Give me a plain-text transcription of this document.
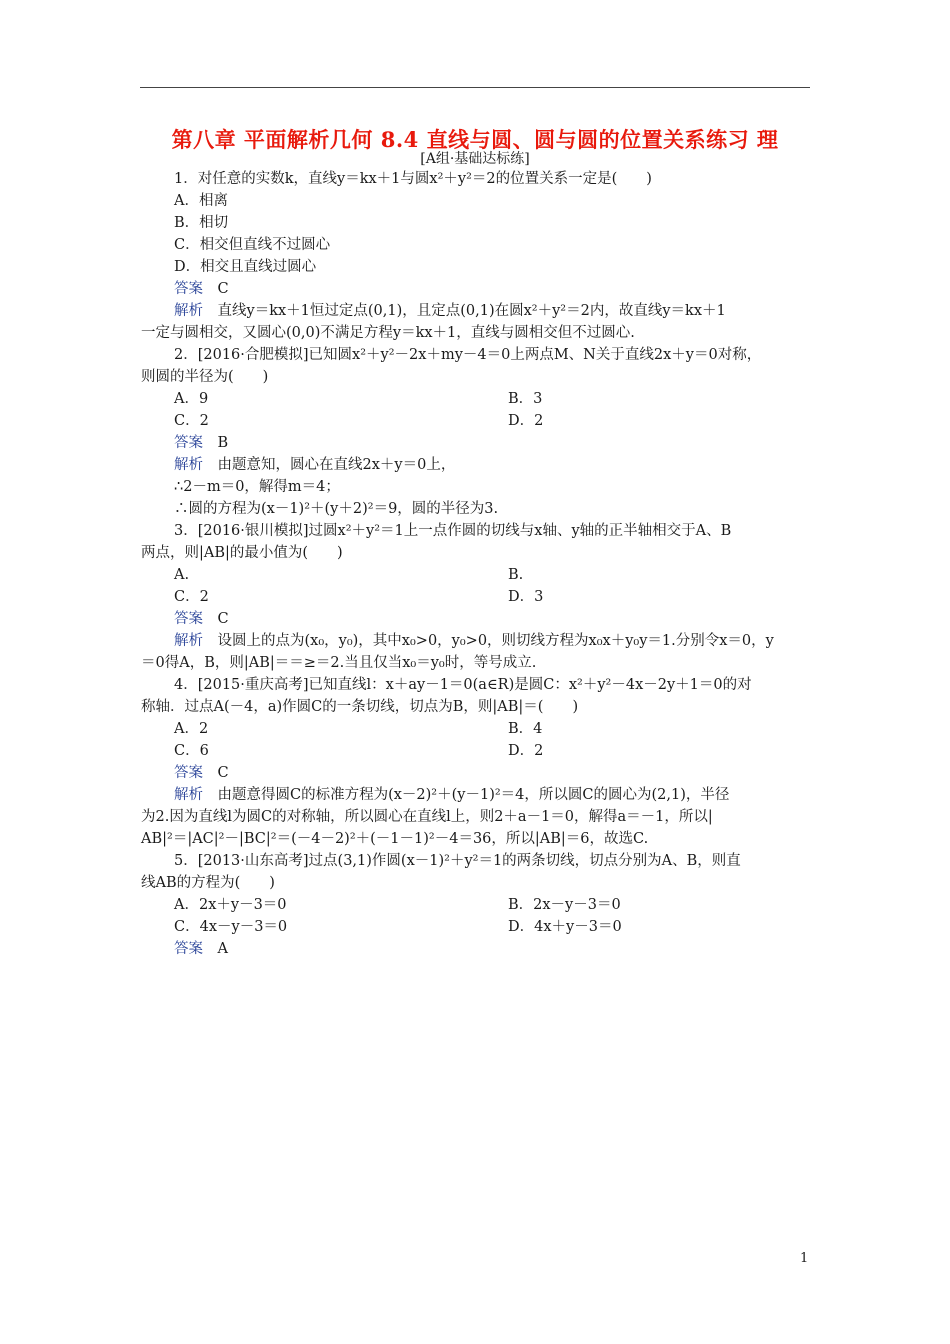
第八章 平面解析几何 8.4 直线与圆、圆与圆的位置关系练习 理
[A组·基础达标练]
1．对任意的实数k，直线y＝kx＋1与圆x²＋y²＝2的位置关系一定是(　　)
A．相离
B．相切
C．相交但直线不过圆心
D．相交且直线过圆心
答案　 C
解析　 直线y＝kx＋1恒过定点(0,1)，且定点(0,1)在圆x²＋y²＝2内，故直线y＝kx＋1
一定与圆相交，又圆心(0,0)不满足方程y＝kx＋1，直线与圆相交但不过圆心.
2．[2016·合肥模拟]已知圆x²＋y²－2x＋my－4＝0上两点M、N关于直线2x＋y＝0对称，
则圆的半径为(　　)
A．9	B．3
C．2	D．2
答案　 B
解析　 由题意知，圆心在直线2x＋y＝0上，
∴2－m＝0，解得m＝4；
∴圆的方程为(x－1)²＋(y＋2)²＝9，圆的半径为3.
3．[2016·银川模拟]过圆x²＋y²＝1上一点作圆的切线与x轴、y轴的正半轴相交于A、B
两点，则|AB|的最小值为(　　)
A.	B.
C．2	D．3
答案　 C
解析　 设圆上的点为(x₀，y₀)，其中x₀>0，y₀>0，则切线方程为x₀x＋y₀y＝1.分别令x＝0，y
＝0得A，B，则|AB|＝＝≥＝2.当且仅当x₀＝y₀时，等号成立.
4．[2015·重庆高考]已知直线l：x＋ay－1＝0(a∈R)是圆C：x²＋y²－4x－2y＋1＝0的对
称轴．过点A(－4，a)作圆C的一条切线，切点为B，则|AB|＝(　　)
A．2	B．4
C．6	D．2
答案　 C
解析　 由题意得圆C的标准方程为(x－2)²＋(y－1)²＝4，所以圆C的圆心为(2,1)，半径
为2.因为直线l为圆C的对称轴，所以圆心在直线l上，则2＋a－1＝0，解得a＝－1，所以|
AB|²＝|AC|²－|BC|²＝(－4－2)²＋(－1－1)²－4＝36，所以|AB|＝6，故选C.
5．[2013·山东高考]过点(3,1)作圆(x－1)²＋y²＝1的两条切线，切点分别为A、B，则直
线AB的方程为(　　)
A．2x＋y－3＝0	B．2x－y－3＝0
C．4x－y－3＝0	D．4x＋y－3＝0
答案　 A
1
